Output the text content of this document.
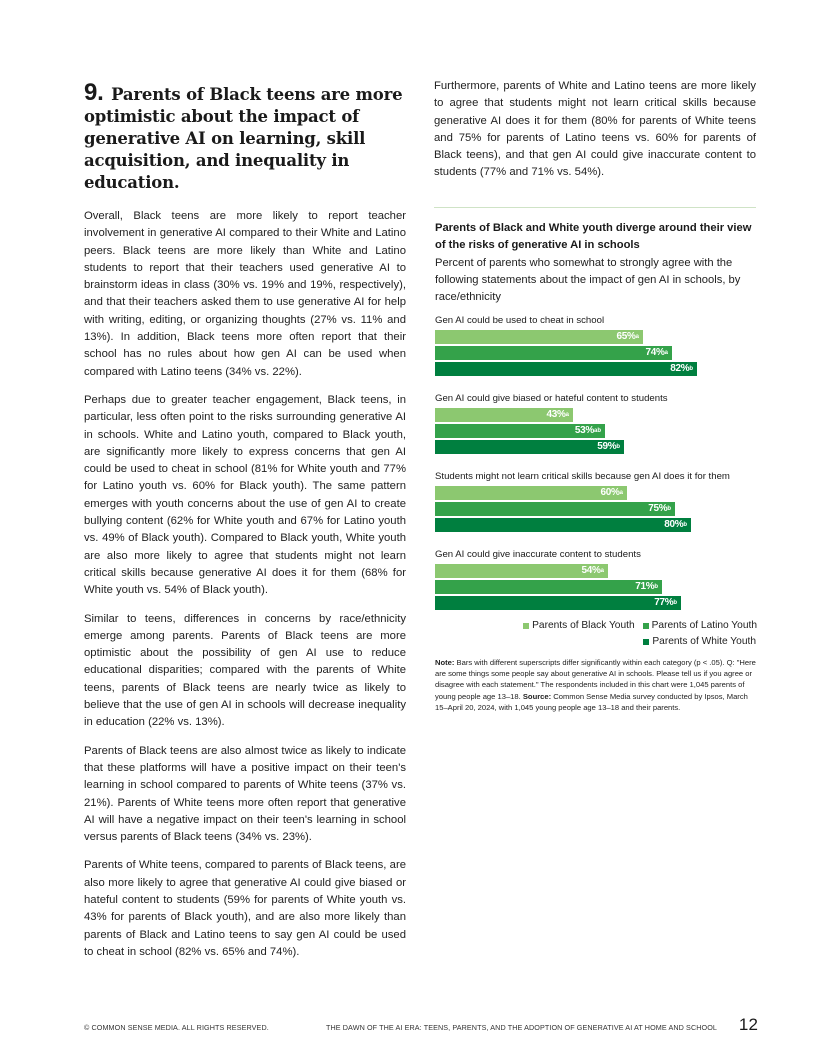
9. Parents of Black teens are more optimistic about the impact of generative AI on learning, skill acquisition, and inequality in education.

Overall, Black teens are more likely to report teacher involvement in generative AI compared to their White and Latino peers. Black teens are more likely than White and Latino students to report that their teachers used generative AI to brainstorm ideas in class (30% vs. 19% and 19%, respectively), and that their teachers asked them to use generative AI for help with writing, editing, or organizing thoughts (27% vs. 11% and 13%). In addition, Black teens more often report that their school has no rules about how gen AI can be used when compared with Latino teens (34% vs. 22%).

Perhaps due to greater teacher engagement, Black teens, in particular, less often point to the risks surrounding generative AI in schools. White and Latino youth, compared to Black youth, are significantly more likely to express concerns that gen AI could be used to cheat in school (81% for White youth and 77% for Latino youth vs. 60% for Black youth). The same pattern emerges with youth concerns about the use of gen AI to create bullying content (62% for White youth and 67% for Latino youth vs. 49% of Black youth). Compared to Black youth, White youth are also more likely to agree that students might not learn critical skills because generative AI does it for them (68% for White youth vs. 54% of Black youth).

Similar to teens, differences in concerns by race/ethnicity emerge among parents. Parents of Black teens are more optimistic about the possibility of gen AI use to reduce educational disparities; compared with the parents of White teens, parents of Black teens are nearly twice as likely to believe that the use of gen AI in schools will decrease inequality in education (22% vs. 13%).

Parents of Black teens are also almost twice as likely to indicate that these platforms will have a positive impact on their teen's learning in school compared to parents of White teens (37% vs. 21%). Parents of White teens more often report that generative AI will have a negative impact on their teen's learning in school versus parents of Black teens (34% vs. 23%).

Parents of White teens, compared to parents of Black teens, are also more likely to agree that generative AI could give biased or hateful content to students (59% for parents of White youth vs. 43% for parents of Black youth), and are also more likely than parents of Black and Latino teens to say gen AI could be used to cheat in school (82% vs. 65% and 74%).

Furthermore, parents of White and Latino teens are more likely to agree that students might not learn critical skills because generative AI does it for them (80% for parents of White teens and 75% for parents of Latino teens vs. 60% for parents of Black teens), and that gen AI could give inaccurate content to students (77% and 71% vs. 54%).

Parents of Black and White youth diverge around their view of the risks of generative AI in schools
Percent of parents who somewhat to strongly agree with the following statements about the impact of gen AI in schools, by race/ethnicity
Gen AI could be used to cheat in school
65% a
74% a
82% b
Gen AI could give biased or hateful content to students
43% a
53% ab
59% b
Students might not learn critical skills because gen AI does it for them
60% a
75% b
80% b
Gen AI could give inaccurate content to students
54% a
71% b
77% b
Parents of Black Youth Parents of Latino Youth
Parents of White Youth
Note: Bars with different superscripts differ significantly within each category (p < .05). Q: "Here are some things some people say about generative AI in schools. Please tell us if you agree or disagree with each statement." The respondents included in this chart were 1,045 parents of young people age 13–18. Source: Common Sense Media survey conducted by Ipsos, March 15–April 20, 2024, with 1,045 young people age 13–18 and their parents.
© COMMON SENSE MEDIA. ALL RIGHTS RESERVED.	THE DAWN OF THE AI ERA: TEENS, PARENTS, AND THE ADOPTION OF GENERATIVE AI AT HOME AND SCHOOL 12
